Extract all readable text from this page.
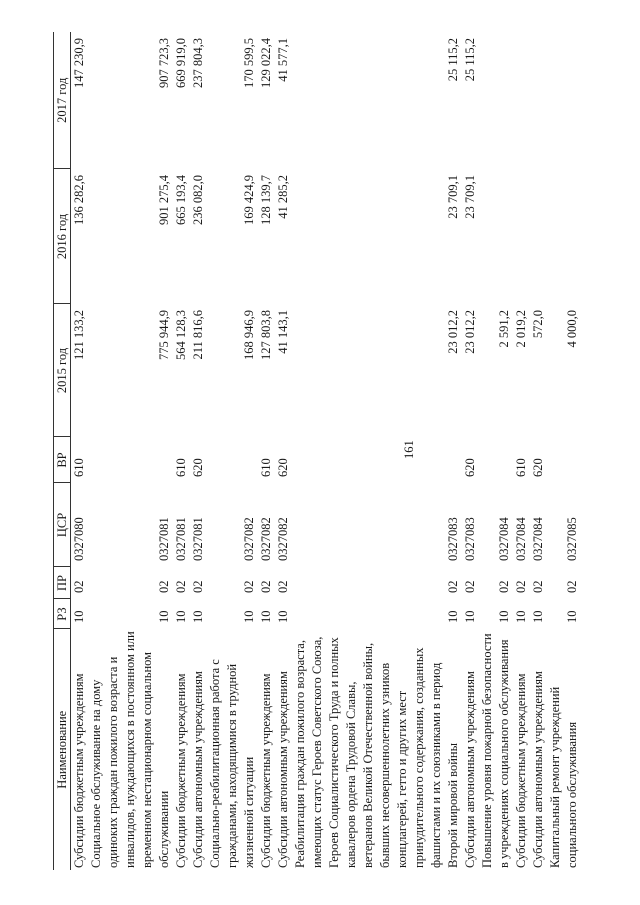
161
Наименование	РЗ	ПР	ЦСР	ВР	2015 год	2016 год	2017 год
Субсидии бюджетным учреждениям	10	02	0327080	610	121 133,2	136 282,6	147 230,9
Социальное обслуживание на дому одиноких граждан пожилого возраста и инвалидов, нуждающихся в постоянном или временном нестационарном социальном обслуживании	10	02	0327081		775 944,9	901 275,4	907 723,3
Субсидии бюджетным учреждениям	10	02	0327081	610	564 128,3	665 193,4	669 919,0
Субсидии автономным учреждениям	10	02	0327081	620	211 816,6	236 082,0	237 804,3
Социально-реабилитационная работа с гражданами, находящимися в трудной жизненной ситуации	10	02	0327082		168 946,9	169 424,9	170 599,5
Субсидии бюджетным учреждениям	10	02	0327082	610	127 803,8	128 139,7	129 022,4
Субсидии автономным учреждениям	10	02	0327082	620	41 143,1	41 285,2	41 577,1
Реабилитация граждан пожилого возраста, имеющих статус Героев Советского Союза, Героев Социалистического Труда и полных кавалеров ордена Трудовой Славы, ветеранов Великой Отечественной войны, бывших несовершеннолетних узников концлагерей, гетто и других мест принудительного содержания, созданных фашистами и их союзниками в период Второй мировой войны	10	02	0327083		23 012,2	23 709,1	25 115,2
Субсидии автономным учреждениям	10	02	0327083	620	23 012,2	23 709,1	25 115,2
Повышение уровня пожарной безопасности в учреждениях социального обслуживания	10	02	0327084		2 591,2		
Субсидии бюджетным учреждениям	10	02	0327084	610	2 019,2		
Субсидии автономным учреждениям	10	02	0327084	620	572,0		
Капитальный ремонт учреждений социального обслуживания	10	02	0327085		4 000,0		
